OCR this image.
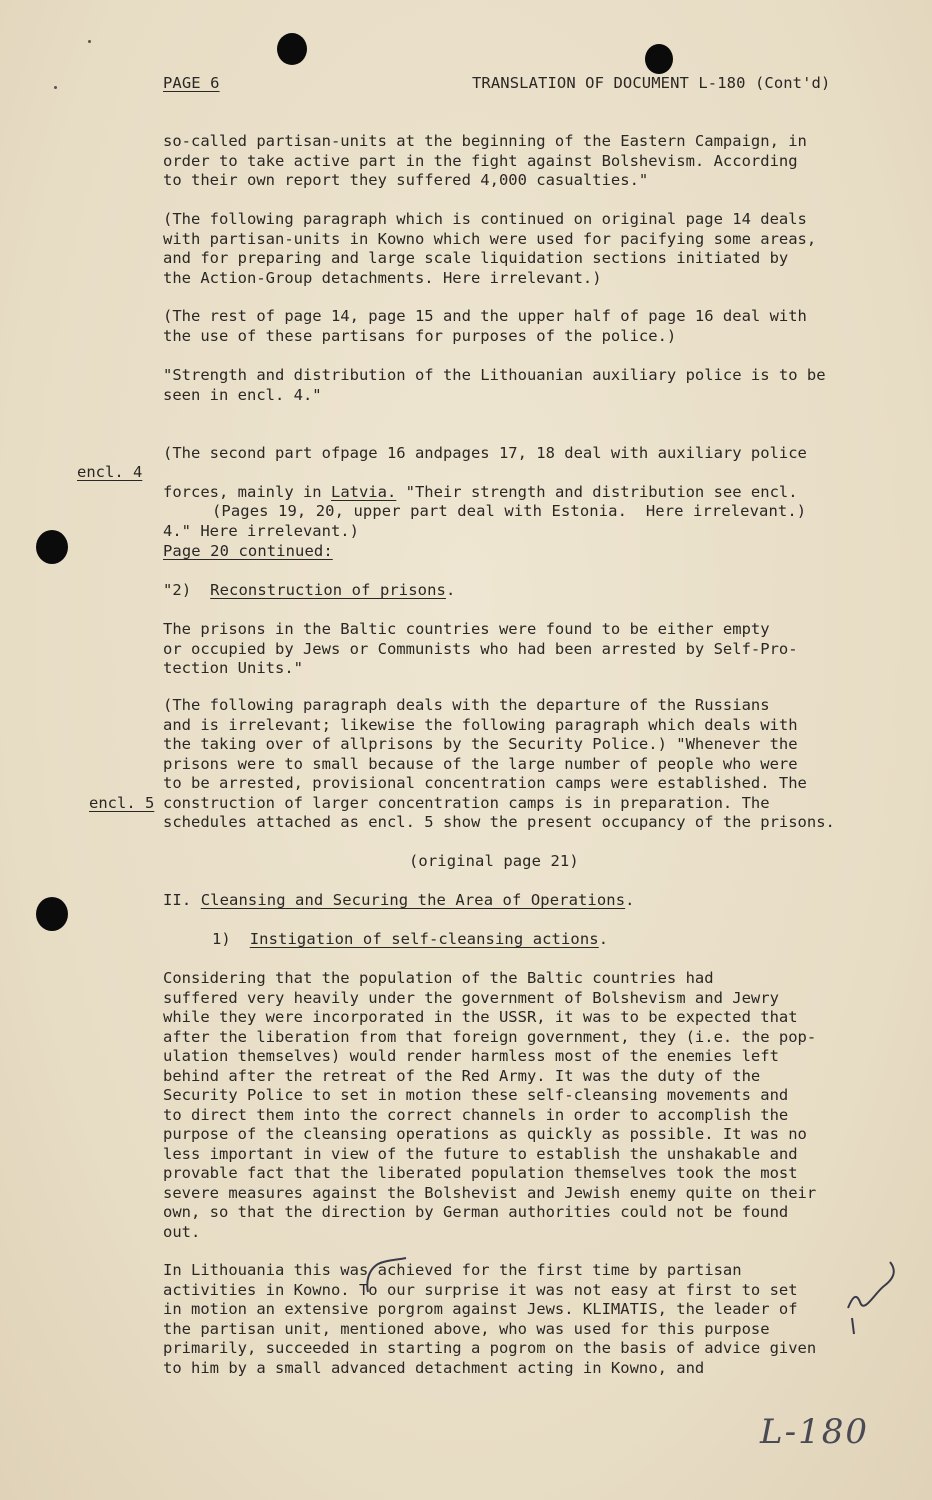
PAGE 6	TRANSLATION OF DOCUMENT L-180 (Cont'd)
so-called partisan-units at the beginning of the Eastern Campaign, in
order to take active part in the fight against Bolshevism. According
to their own report they suffered 4,000 casualties."
(The following paragraph which is continued on original page 14 deals
with partisan-units in Kowno which were used for pacifying some areas,
and for preparing and large scale liquidation sections initiated by
the Action-Group detachments. Here irrelevant.)
(The rest of page 14, page 15 and the upper half of page 16 deal with
the use of these partisans for purposes of the police.)
"Strength and distribution of the Lithouanian auxiliary police is to be
seen in encl. 4."

(The second part ofpage 16 andpages 17, 18 deal with auxiliary police

forces, mainly in Latvia. "Their strength and distribution see encl.

4." Here irrelevant.)

encl. 4
(Pages 19, 20, upper part deal with Estonia.  Here irrelevant.)
Page 20 continued:
"2)  Reconstruction of prisons.
The prisons in the Baltic countries were found to be either empty
or occupied by Jews or Communists who had been arrested by Self-Pro-
tection Units."
(The following paragraph deals with the departure of the Russians
and is irrelevant; likewise the following paragraph which deals with
the taking over of allprisons by the Security Police.) "Whenever the
prisons were to small because of the large number of people who were
to be arrested, provisional concentration camps were established. The
construction of larger concentration camps is in preparation. The
schedules attached as encl. 5 show the present occupancy of the prisons.
encl. 5
(original page 21)
II. Cleansing and Securing the Area of Operations.
1)  Instigation of self-cleansing actions.
Considering that the population of the Baltic countries had
suffered very heavily under the government of Bolshevism and Jewry
while they were incorporated in the USSR, it was to be expected that
after the liberation from that foreign government, they (i.e. the pop-
ulation themselves) would render harmless most of the enemies left
behind after the retreat of the Red Army. It was the duty of the
Security Police to set in motion these self-cleansing movements and
to direct them into the correct channels in order to accomplish the
purpose of the cleansing operations as quickly as possible. It was no
less important in view of the future to establish the unshakable and
provable fact that the liberated population themselves took the most
severe measures against the Bolshevist and Jewish enemy quite on their
own, so that the direction by German authorities could not be found
out.
In Lithouania this was achieved for the first time by partisan
activities in Kowno. To our surprise it was not easy at first to set
in motion an extensive porgrom against Jews. KLIMATIS, the leader of
the partisan unit, mentioned above, who was used for this purpose
primarily, succeeded in starting a pogrom on the basis of advice given
to him by a small advanced detachment acting in Kowno, and
L-180
